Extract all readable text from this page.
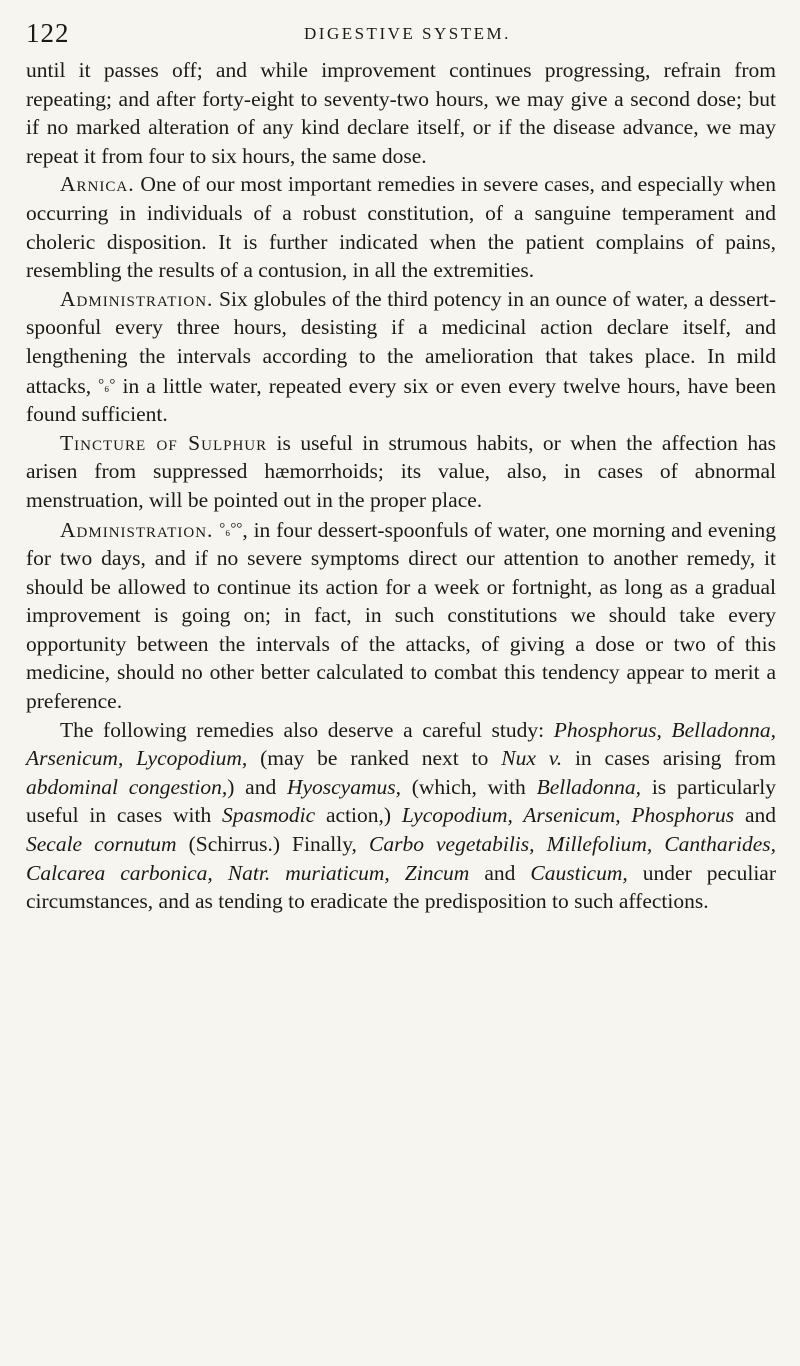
122	DIGESTIVE SYSTEM.

until it passes off; and while improvement continues progressing, refrain from repeating; and after forty-eight to seventy-two hours, we may give a second dose; but if no marked alteration of any kind declare itself, or if the disease advance, we may repeat it from four to six hours, the same dose.

Arnica. One of our most important remedies in severe cases, and especially when occurring in individuals of a robust constitution, of a sanguine temperament and choleric disposition. It is further indicated when the patient complains of pains, resembling the results of a contusion, in all the extremities.

Administration. Six globules of the third potency in an ounce of water, a dessert-spoonful every three hours, desisting if a medicinal action declare itself, and lengthening the intervals according to the amelioration that takes place. In mild attacks, °₆° in a little water, repeated every six or even every twelve hours, have been found sufficient.

Tincture of Sulphur is useful in strumous habits, or when the affection has arisen from suppressed hæmorrhoids; its value, also, in cases of abnormal menstruation, will be pointed out in the proper place.

Administration. °₆°°, in four dessert-spoonfuls of water, one morning and evening for two days, and if no severe symptoms direct our attention to another remedy, it should be allowed to continue its action for a week or fortnight, as long as a gradual improvement is going on; in fact, in such constitutions we should take every opportunity between the intervals of the attacks, of giving a dose or two of this medicine, should no other better calculated to combat this tendency appear to merit a preference.

The following remedies also deserve a careful study: Phosphorus, Belladonna, Arsenicum, Lycopodium, (may be ranked next to Nux v. in cases arising from abdominal congestion,) and Hyoscyamus, (which, with Belladonna, is particularly useful in cases with Spasmodic action,) Lycopodium, Arsenicum, Phosphorus and Secale cornutum (Schirrus.) Finally, Carbo vegetabilis, Millefolium, Cantharides, Calcarea carbonica, Natr. muriaticum, Zincum and Causticum, under peculiar circumstances, and as tending to eradicate the predisposition to such affections.
